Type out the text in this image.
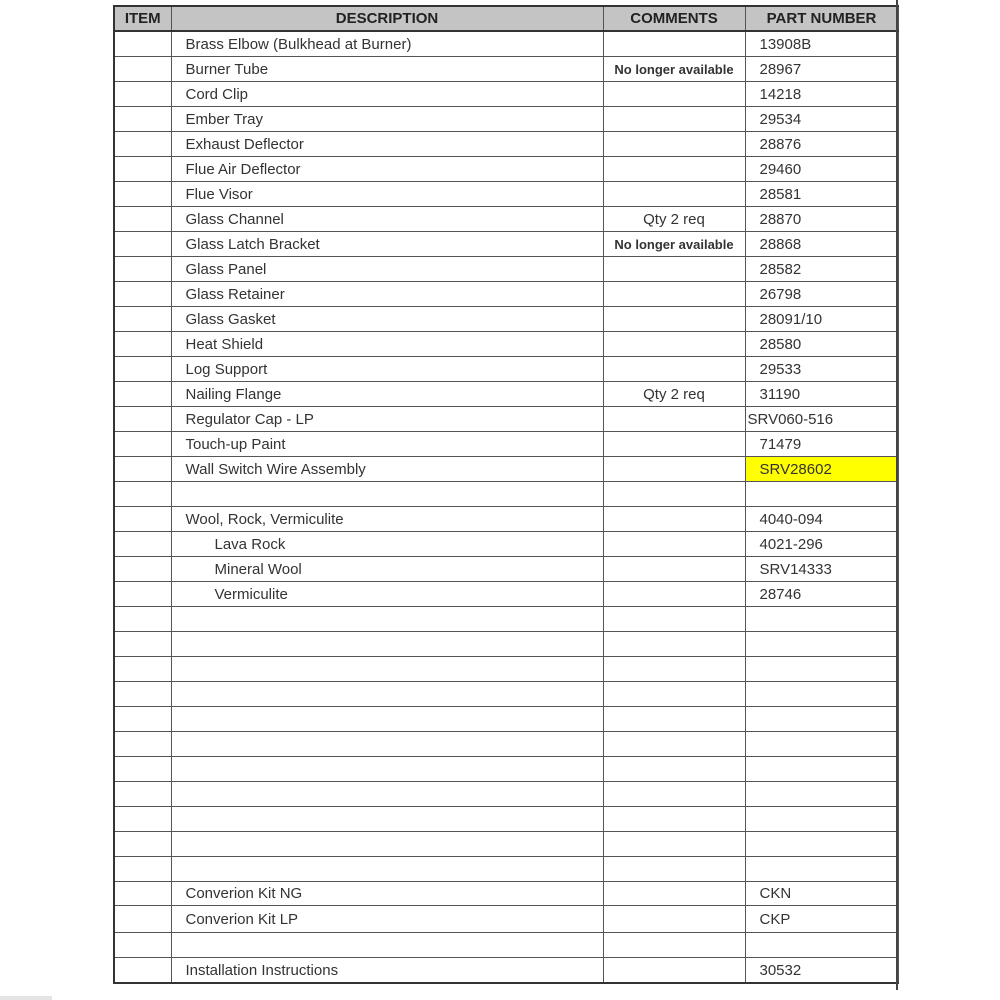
ITEM	DESCRIPTION	COMMENTS	PART NUMBER
	Brass Elbow (Bulkhead at Burner)		13908B
	Burner Tube	No longer available	28967
	Cord Clip		14218
	Ember Tray		29534
	Exhaust Deflector		28876
	Flue Air Deflector		29460
	Flue Visor		28581
	Glass Channel	Qty 2 req	28870
	Glass Latch Bracket	No longer available	28868
	Glass Panel		28582
	Glass Retainer		26798
	Glass Gasket		28091/10
	Heat Shield		28580
	Log Support		29533
	Nailing Flange	Qty 2 req	31190
	Regulator Cap - LP		SRV060-516
	Touch-up Paint		71479
	Wall Switch Wire Assembly		SRV28602

	Wool, Rock, Vermiculite		4040-094
	Lava Rock		4021-296
	Mineral Wool		SRV14333
	Vermiculite		28746

	Converion Kit NG		CKN
	Converion Kit LP		CKP

	Installation Instructions		30532
